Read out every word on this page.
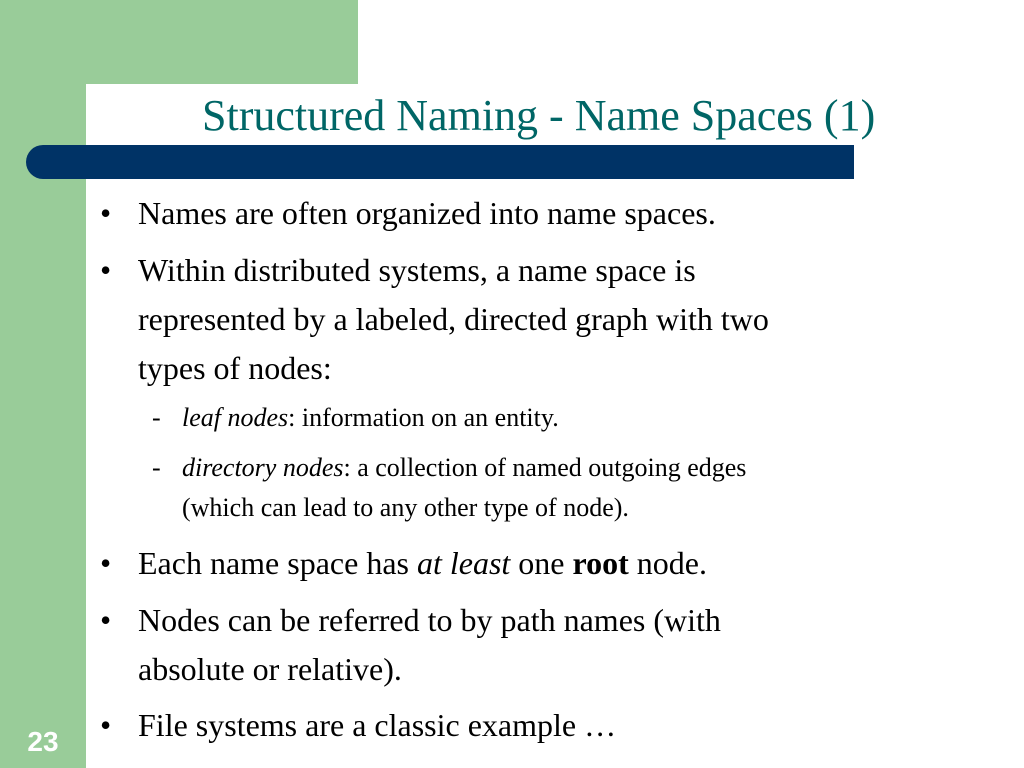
Structured Naming - Name Spaces (1)
• Names are often organized into name spaces.
• Within distributed systems, a name space is
represented by a labeled, directed graph with two
types of nodes:
- leaf nodes: information on an entity.
- directory nodes: a collection of named outgoing edges
(which can lead to any other type of node).
• Each name space has at least one root node.
• Nodes can be referred to by path names (with
absolute or relative).
• File systems are a classic example …
23
